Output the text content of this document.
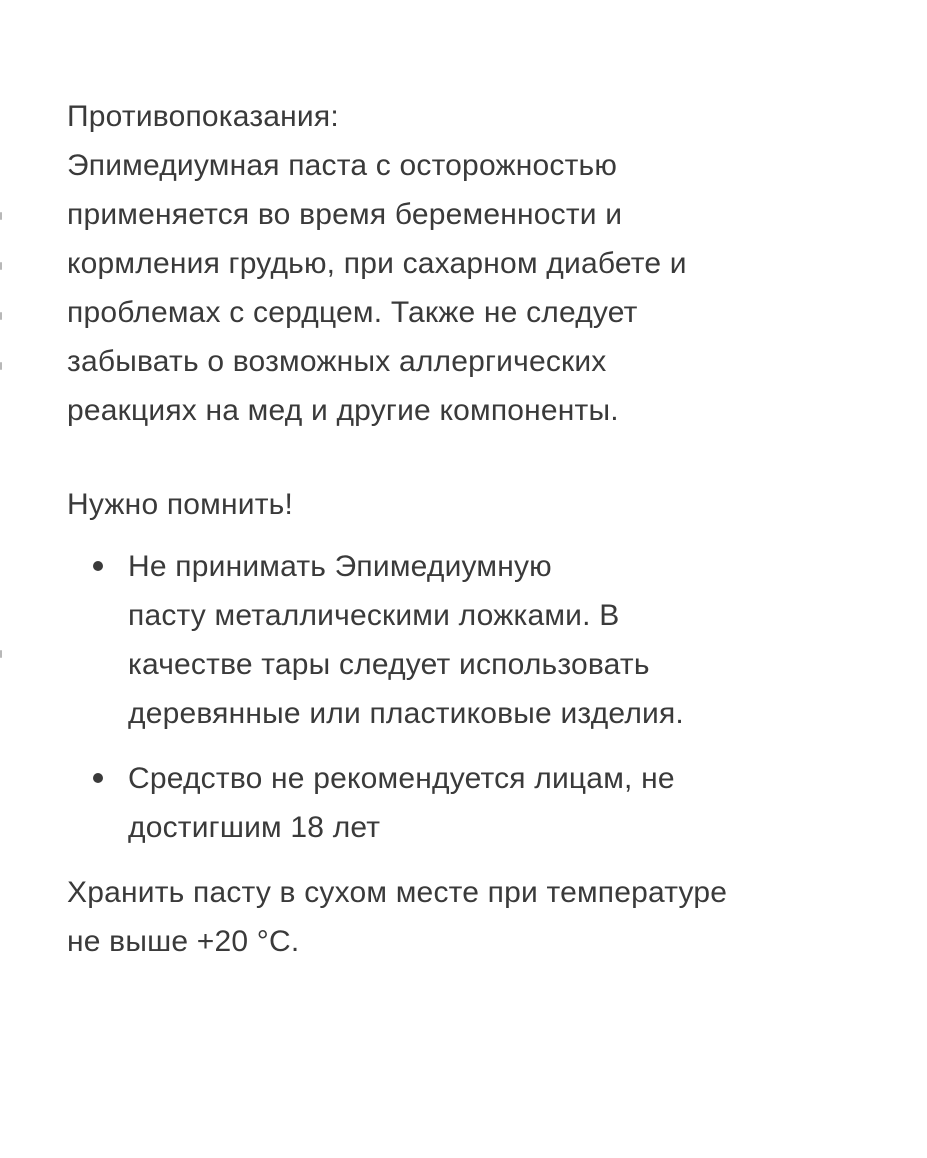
Противопоказания:
Эпимедиумная паста с осторожностью
применяется во время беременности и
кормления грудью, при сахарном диабете и
проблемах с сердцем. Также не следует
забывать о возможных аллергических
реакциях на мед и другие компоненты.
Нужно помнить!
Не принимать Эпимедиумную
пасту металлическими ложками. В
качестве тары следует использовать
деревянные или пластиковые изделия.
Средство не рекомендуется лицам, не
достигшим 18 лет
Хранить пасту в сухом месте при температуре
не выше +20 °С.
